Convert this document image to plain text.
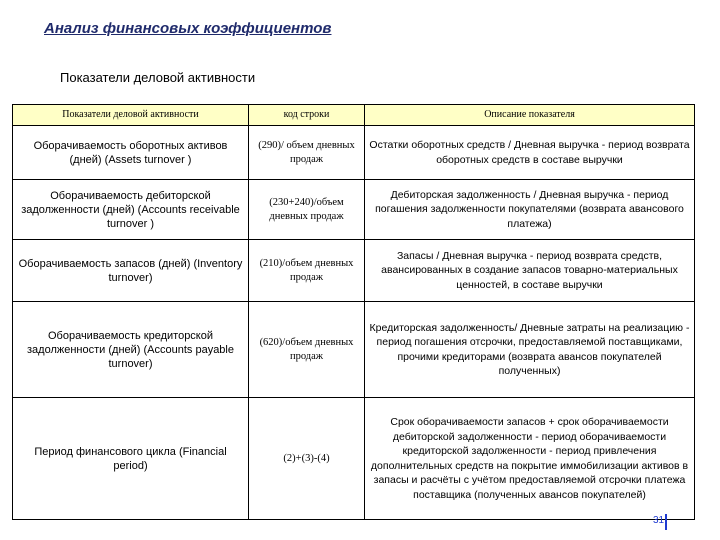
Анализ финансовых коэффициентов
Показатели деловой активности
Показатели деловой активности	код строки	Описание показателя
Оборачиваемость оборотных активов (дней) (Assets turnover )	(290)/ объем дневных продаж	Остатки оборотных средств / Дневная выручка - период возврата оборотных средств в составе выручки
Оборачиваемость дебиторской задолженности (дней) (Accounts receivable turnover )	(230+240)/объем дневных продаж	Дебиторская задолженность / Дневная выручка - период погашения задолженности покупателями (возврата авансового платежа)
Оборачиваемость запасов (дней) (Inventory turnover)	(210)/объем дневных продаж	Запасы / Дневная выручка - период возврата средств, авансированных в создание запасов товарно-материальных ценностей, в составе выручки
Оборачиваемость кредиторской задолженности (дней) (Accounts payable turnover)	(620)/объем дневных продаж	Кредиторская задолженность/ Дневные затраты на реализацию - период погашения отсрочки, предоставляемой поставщиками, прочими кредиторами (возврата авансов покупателей полученных)
Период финансового цикла (Financial period)	(2)+(3)-(4)	Срок оборачиваемости запасов + срок оборачиваемости дебиторской задолженности - период оборачиваемости кредиторской задолженности - период привлечения дополнительных средств на покрытие иммобилизации активов в запасы и расчёты с учётом предоставляемой отсрочки платежа поставщика (полученных авансов покупателей)
31
